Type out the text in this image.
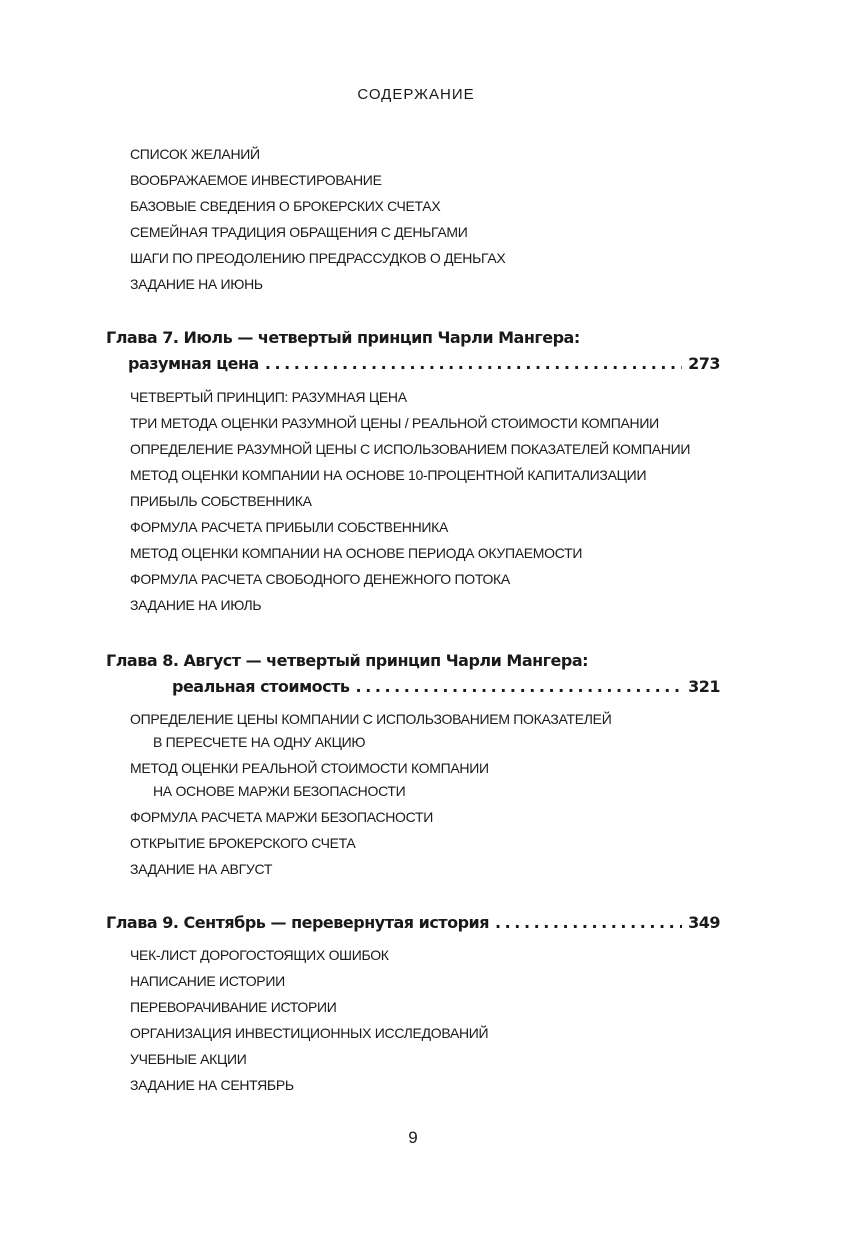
СОДЕРЖАНИЕ
СПИСОК ЖЕЛАНИЙ
ВООБРАЖАЕМОЕ ИНВЕСТИРОВАНИЕ
БАЗОВЫЕ СВЕДЕНИЯ О БРОКЕРСКИХ СЧЕТАХ
СЕМЕЙНАЯ ТРАДИЦИЯ ОБРАЩЕНИЯ С ДЕНЬГАМИ
ШАГИ ПО ПРЕОДОЛЕНИЮ ПРЕДРАССУДКОВ О ДЕНЬГАХ
ЗАДАНИЕ НА ИЮНЬ
Глава 7. Июль — четвертый принцип Чарли Мангера:
разумная цена . . .	273
ЧЕТВЕРТЫЙ ПРИНЦИП: РАЗУМНАЯ ЦЕНА
ТРИ МЕТОДА ОЦЕНКИ РАЗУМНОЙ ЦЕНЫ / РЕАЛЬНОЙ СТОИМОСТИ КОМПАНИИ
ОПРЕДЕЛЕНИЕ РАЗУМНОЙ ЦЕНЫ С ИСПОЛЬЗОВАНИЕМ ПОКАЗАТЕЛЕЙ КОМПАНИИ
МЕТОД ОЦЕНКИ КОМПАНИИ НА ОСНОВЕ 10-ПРОЦЕНТНОЙ КАПИТАЛИЗАЦИИ
ПРИБЫЛЬ СОБСТВЕННИКА
ФОРМУЛА РАСЧЕТА ПРИБЫЛИ СОБСТВЕННИКА
МЕТОД ОЦЕНКИ КОМПАНИИ НА ОСНОВЕ ПЕРИОДА ОКУПАЕМОСТИ
ФОРМУЛА РАСЧЕТА СВОБОДНОГО ДЕНЕЖНОГО ПОТОКА
ЗАДАНИЕ НА ИЮЛЬ
Глава 8. Август — четвертый принцип Чарли Мангера:
реальная стоимость . . .	321
ОПРЕДЕЛЕНИЕ ЦЕНЫ КОМПАНИИ С ИСПОЛЬЗОВАНИЕМ ПОКАЗАТЕЛЕЙ
В ПЕРЕСЧЕТЕ НА ОДНУ АКЦИЮ
МЕТОД ОЦЕНКИ РЕАЛЬНОЙ СТОИМОСТИ КОМПАНИИ
НА ОСНОВЕ МАРЖИ БЕЗОПАСНОСТИ
ФОРМУЛА РАСЧЕТА МАРЖИ БЕЗОПАСНОСТИ
ОТКРЫТИЕ БРОКЕРСКОГО СЧЕТА
ЗАДАНИЕ НА АВГУСТ
Глава 9. Сентябрь — перевернутая история . . .	349
ЧЕК-ЛИСТ ДОРОГОСТОЯЩИХ ОШИБОК
НАПИСАНИЕ ИСТОРИИ
ПЕРЕВОРАЧИВАНИЕ ИСТОРИИ
ОРГАНИЗАЦИЯ ИНВЕСТИЦИОННЫХ ИССЛЕДОВАНИЙ
УЧЕБНЫЕ АКЦИИ
ЗАДАНИЕ НА СЕНТЯБРЬ
9
